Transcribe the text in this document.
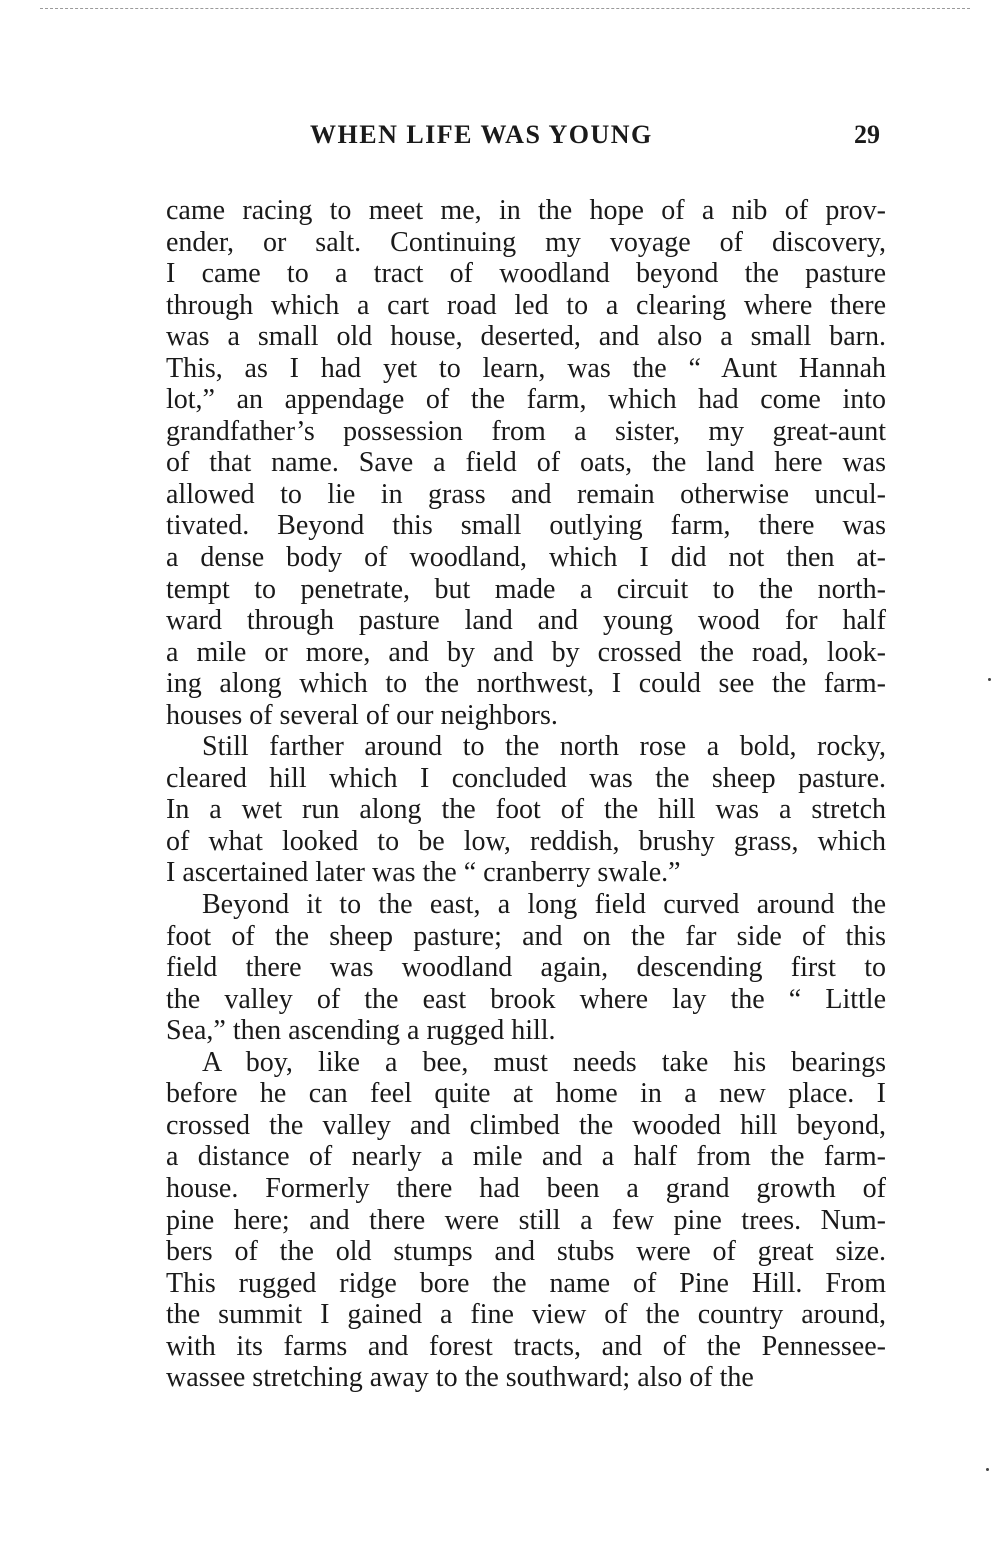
WHEN LIFE WAS YOUNG	29
came racing to meet me, in the hope of a nib of prov-
ender, or salt. Continuing my voyage of discovery,
I came to a tract of woodland beyond the pasture
through which a cart road led to a clearing where there
was a small old house, deserted, and also a small barn.
This, as I had yet to learn, was the “ Aunt Hannah
lot,” an appendage of the farm, which had come into
grandfather’s possession from a sister, my great-aunt
of that name. Save a field of oats, the land here was
allowed to lie in grass and remain otherwise uncul-
tivated. Beyond this small outlying farm, there was
a dense body of woodland, which I did not then at-
tempt to penetrate, but made a circuit to the north-
ward through pasture land and young wood for half
a mile or more, and by and by crossed the road, look-
ing along which to the northwest, I could see the farm-
houses of several of our neighbors.
Still farther around to the north rose a bold, rocky,
cleared hill which I concluded was the sheep pasture.
In a wet run along the foot of the hill was a stretch
of what looked to be low, reddish, brushy grass, which
I ascertained later was the “ cranberry swale.”
Beyond it to the east, a long field curved around the
foot of the sheep pasture; and on the far side of this
field there was woodland again, descending first to
the valley of the east brook where lay the “ Little
Sea,” then ascending a rugged hill.
A boy, like a bee, must needs take his bearings
before he can feel quite at home in a new place. I
crossed the valley and climbed the wooded hill beyond,
a distance of nearly a mile and a half from the farm-
house. Formerly there had been a grand growth of
pine here; and there were still a few pine trees. Num-
bers of the old stumps and stubs were of great size.
This rugged ridge bore the name of Pine Hill. From
the summit I gained a fine view of the country around,
with its farms and forest tracts, and of the Pennessee-
wassee stretching away to the southward; also of the
